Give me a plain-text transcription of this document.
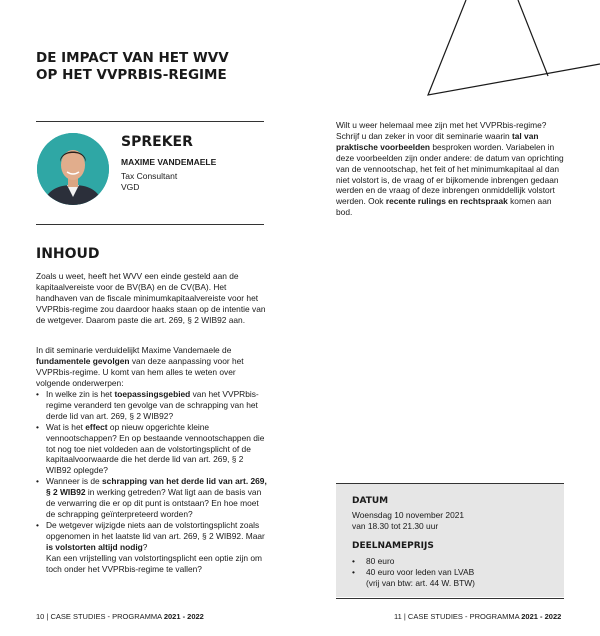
DE IMPACT VAN HET WVV
OP HET VVPRBIS-REGIME
SPREKER
MAXIME VANDEMAELE
Tax Consultant
VGD
INHOUD

Zoals u weet, heeft het WVV een einde gesteld aan de kapitaalvereiste voor de BV(BA) en de CV(BA). Het handhaven van de fiscale minimumkapitaalvereiste voor het VVPRbis-regime zou daardoor haaks staan op de intentie van de wetgever. Daarom paste die art. 269, § 2 WIB92 aan.

In dit seminarie verduidelijkt Maxime Vandemaele de fundamentele gevolgen van deze aanpassing voor het VVPRbis-regime. U komt van hem alles te weten over volgende onderwerpen:

• In welke zin is het toepassingsgebied van het VVPRbis-regime veranderd ten gevolge van de schrapping van het derde lid van art. 269, § 2 WIB92?
• Wat is het effect op nieuw opgerichte kleine vennootschappen? En op bestaande vennootschappen die tot nog toe niet voldeden aan de volstortingsplicht of de kapitaalvoorwaarde die het derde lid van art. 269, § 2 WIB92 oplegde?
• Wanneer is de schrapping van het derde lid van art. 269, § 2 WIB92 in werking getreden? Wat ligt aan de basis van de verwarring die er op dit punt is ontstaan? En hoe moet de schrapping geïnterpreteerd worden?
• De wetgever wijzigde niets aan de volstortingsplicht zoals opgenomen in het laatste lid van art. 269, § 2 WIB92. Maar is volstorten altijd nodig?
Kan een vrijstelling van volstortingsplicht een optie zijn om toch onder het VVPRbis-regime te vallen?
10 | CASE STUDIES - PROGRAMMA 2021 - 2022

Wilt u weer helemaal mee zijn met het VVPRbis-regime? Schrijf u dan zeker in voor dit seminarie waarin tal van praktische voorbeelden besproken worden. Variabelen in deze voorbeelden zijn onder andere: de datum van oprichting van de vennootschap, het feit of het minimumkapitaal al dan niet volstort is, de vraag of er bijkomende inbrengen gedaan werden en de vraag of deze inbrengen onmiddellijk volstort werden. Ook recente rulings en rechtspraak komen aan bod.

DATUM
Woensdag 10 november 2021
van 18.30 tot 21.30 uur
DEELNAMEPRIJS
• 80 euro
• 40 euro voor leden van LVAB
(vrij van btw: art. 44 W. BTW)
11 | CASE STUDIES - PROGRAMMA 2021 - 2022
